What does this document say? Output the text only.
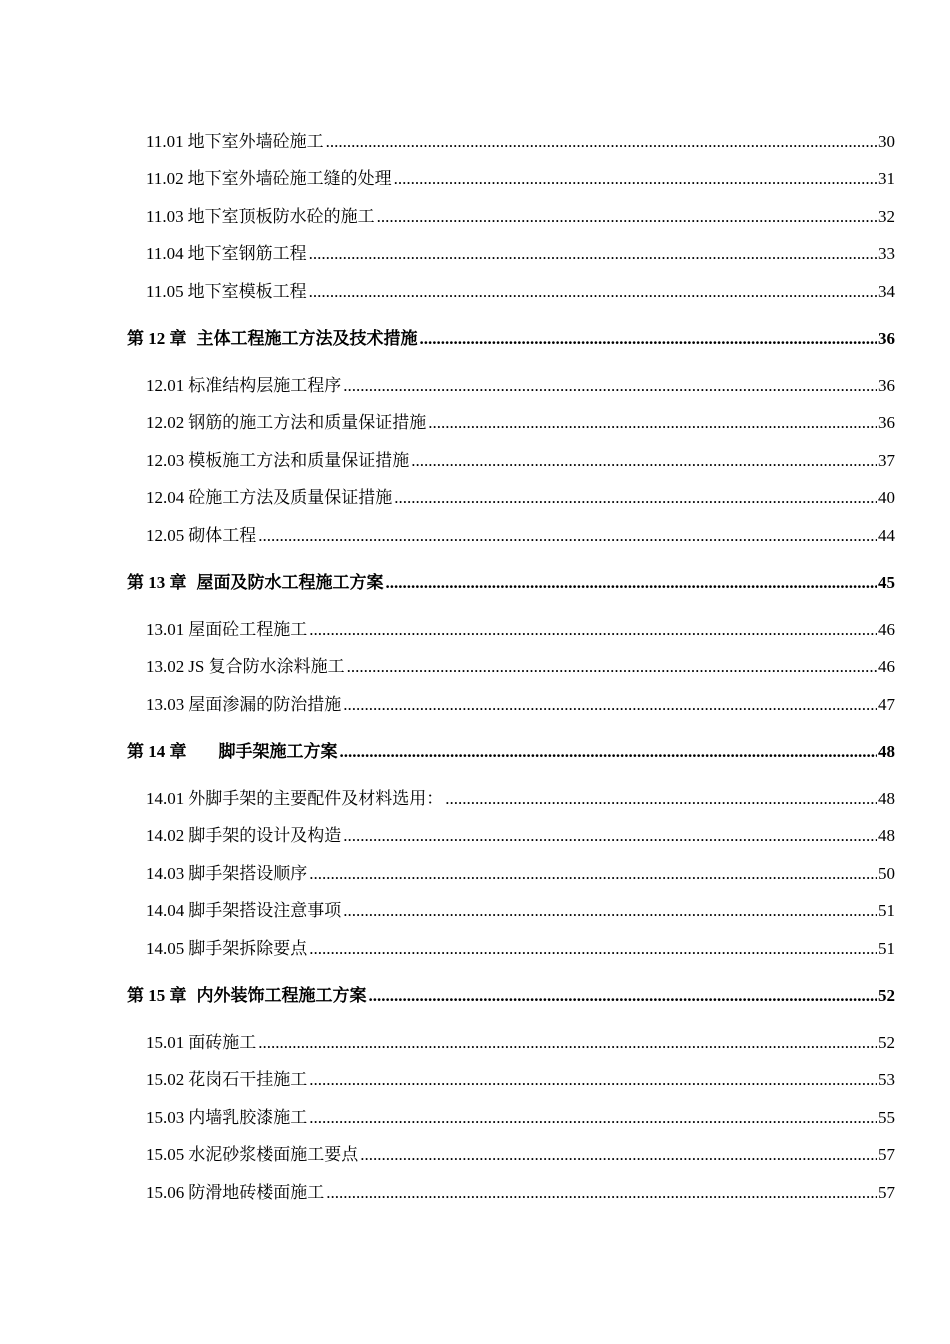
11.01 地下室外墙砼施工 .....	30
11.02 地下室外墙砼施工缝的处理 .....	31
11.03 地下室顶板防水砼的施工 .....	32
11.04 地下室钢筋工程 .....	33
11.05 地下室模板工程 .....	34
第 12 章 主体工程施工方法及技术措施 .....	36
12.01 标准结构层施工程序 .....	36
12.02 钢筋的施工方法和质量保证措施 .....	36
12.03 模板施工方法和质量保证措施 .....	37
12.04 砼施工方法及质量保证措施 .....	40
12.05 砌体工程 .....	44
第 13 章 屋面及防水工程施工方案 .....	45
13.01 屋面砼工程施工 .....	46
13.02 JS 复合防水涂料施工 .....	46
13.03 屋面渗漏的防治措施 .....	47
第 14 章 脚手架施工方案 .....	48
14.01 外脚手架的主要配件及材料选用： .....	48
14.02 脚手架的设计及构造 .....	48
14.03 脚手架搭设顺序 .....	50
14.04 脚手架搭设注意事项 .....	51
14.05 脚手架拆除要点 .....	51
第 15 章 内外装饰工程施工方案 .....	52
15.01 面砖施工 .....	52
15.02 花岗石干挂施工 .....	53
15.03 内墙乳胶漆施工 .....	55
15.05 水泥砂浆楼面施工要点 .....	57
15.06 防滑地砖楼面施工 .....	57
